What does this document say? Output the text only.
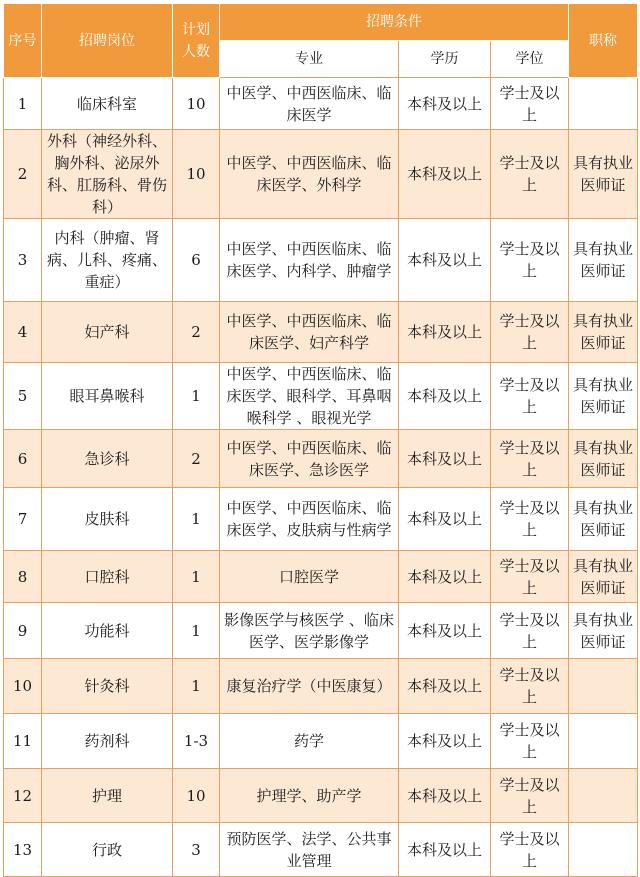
序号	招聘岗位	计划人数	招聘条件			职称
			专业	学历	学位	
1	临床科室	10	中医学、中西医临床、临床医学	本科及以上	学士及以上	
2	外科（神经外科、胸外科、泌尿外科、肛肠科、骨伤科）	10	中医学、中西医临床、临床医学、外科学	本科及以上	学士及以上	具有执业医师证
3	内科（肿瘤、肾病、儿科、疼痛、重症）	6	中医学、中西医临床、临床医学、内科学、肿瘤学	本科及以上	学士及以上	具有执业医师证
4	妇产科	2	中医学、中西医临床、临床医学、妇产科学	本科及以上	学士及以上	具有执业医师证
5	眼耳鼻喉科	1	中医学、中西医临床、临床医学、眼科学、耳鼻咽喉科学 、眼视光学	本科及以上	学士及以上	具有执业医师证
6	急诊科	2	中医学、中西医临床、临床医学、急诊医学	本科及以上	学士及以上	具有执业医师证
7	皮肤科	1	中医学、中西医临床、临床医学、皮肤病与性病学	本科及以上	学士及以上	具有执业医师证
8	口腔科	1	口腔医学	本科及以上	学士及以上	具有执业医师证
9	功能科	1	影像医学与核医学 、临床医学、医学影像学	本科及以上	学士及以上	具有执业医师证
10	针灸科	1	康复治疗学（中医康复）	本科及以上	学士及以上	
11	药剂科	1-3	药学	本科及以上	学士及以上	
12	护理	10	护理学、助产学	本科及以上	学士及以上	
13	行政	3	预防医学、法学、公共事业管理	本科及以上	学士及以上	
